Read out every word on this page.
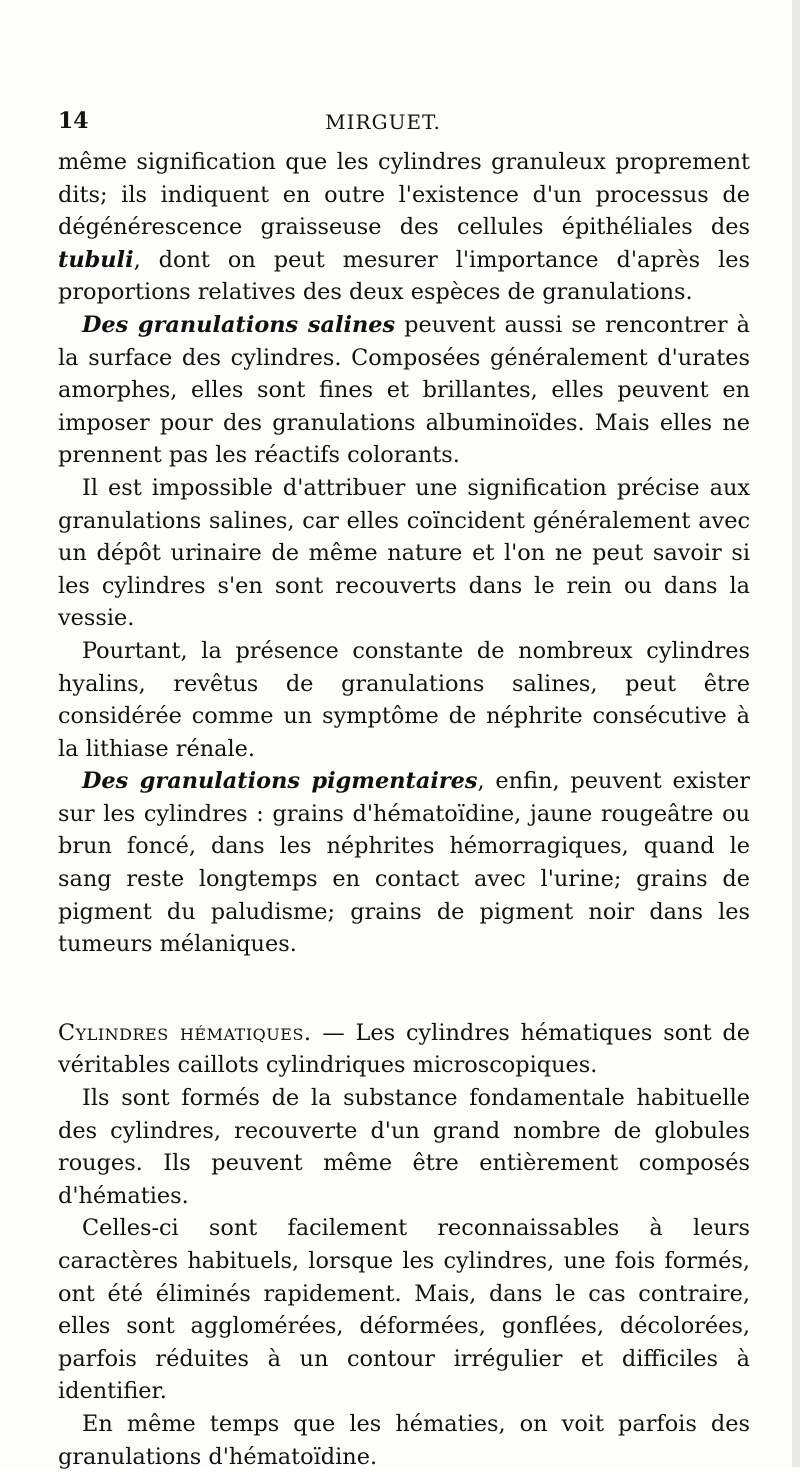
14	MIRGUET.

même signification que les cylindres granuleux proprement dits; ils indiquent en outre l'existence d'un processus de dégénérescence graisseuse des cellules épithéliales des tubuli, dont on peut mesurer l'importance d'après les proportions relatives des deux espèces de granulations.

Des granulations salines peuvent aussi se rencontrer à la surface des cylindres. Composées généralement d'urates amorphes, elles sont fines et brillantes, elles peuvent en imposer pour des granulations albuminoïdes. Mais elles ne prennent pas les réactifs colorants.

Il est impossible d'attribuer une signification précise aux granulations salines, car elles coïncident généralement avec un dépôt urinaire de même nature et l'on ne peut savoir si les cylindres s'en sont recouverts dans le rein ou dans la vessie.

Pourtant, la présence constante de nombreux cylindres hyalins, revêtus de granulations salines, peut être considérée comme un symptôme de néphrite consécutive à la lithiase rénale.

Des granulations pigmentaires, enfin, peuvent exister sur les cylindres : grains d'hématoïdine, jaune rougeâtre ou brun foncé, dans les néphrites hémorragiques, quand le sang reste longtemps en contact avec l'urine; grains de pigment du paludisme; grains de pigment noir dans les tumeurs mélaniques.

Cylindres hématiques. — Les cylindres hématiques sont de véritables caillots cylindriques microscopiques.

Ils sont formés de la substance fondamentale habituelle des cylindres, recouverte d'un grand nombre de globules rouges. Ils peuvent même être entièrement composés d'hématies.

Celles-ci sont facilement reconnaissables à leurs caractères habituels, lorsque les cylindres, une fois formés, ont été éliminés rapidement. Mais, dans le cas contraire, elles sont agglomérées, déformées, gonflées, décolorées, parfois réduites à un contour irrégulier et difficiles à identifier.

En même temps que les hématies, on voit parfois des granulations d'hématoïdine.
